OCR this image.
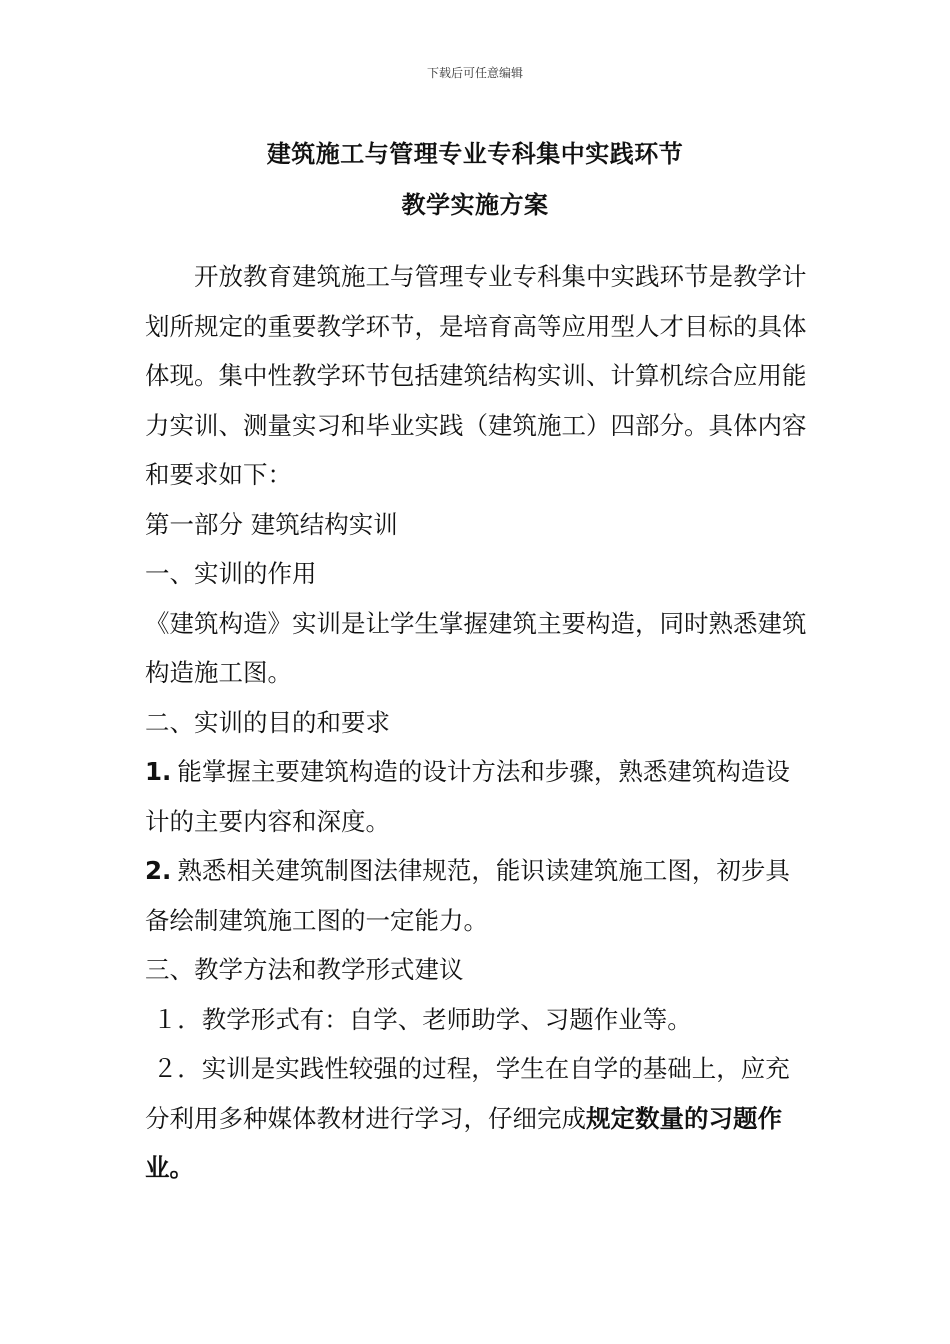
下载后可任意编辑
建筑施工与管理专业专科集中实践环节
教学实施方案

开放教育建筑施工与管理专业专科集中实践环节是教学计划所规定的重要教学环节，是培育高等应用型人才目标的具体体现。集中性教学环节包括建筑结构实训、计算机综合应用能力实训、测量实习和毕业实践（建筑施工）四部分。具体内容和要求如下：

第一部分 建筑结构实训

一、实训的作用

《建筑构造》实训是让学生掌握建筑主要构造，同时熟悉建筑构造施工图。

二、实训的目的和要求

1. 能掌握主要建筑构造的设计方法和步骤，熟悉建筑构造设计的主要内容和深度。

2. 熟悉相关建筑制图法律规范，能识读建筑施工图，初步具备绘制建筑施工图的一定能力。

三、教学方法和教学形式建议

１．教学形式有：自学、老师助学、习题作业等。

２．实训是实践性较强的过程，学生在自学的基础上，应充分利用多种媒体教材进行学习，仔细完成规定数量的习题作业。
